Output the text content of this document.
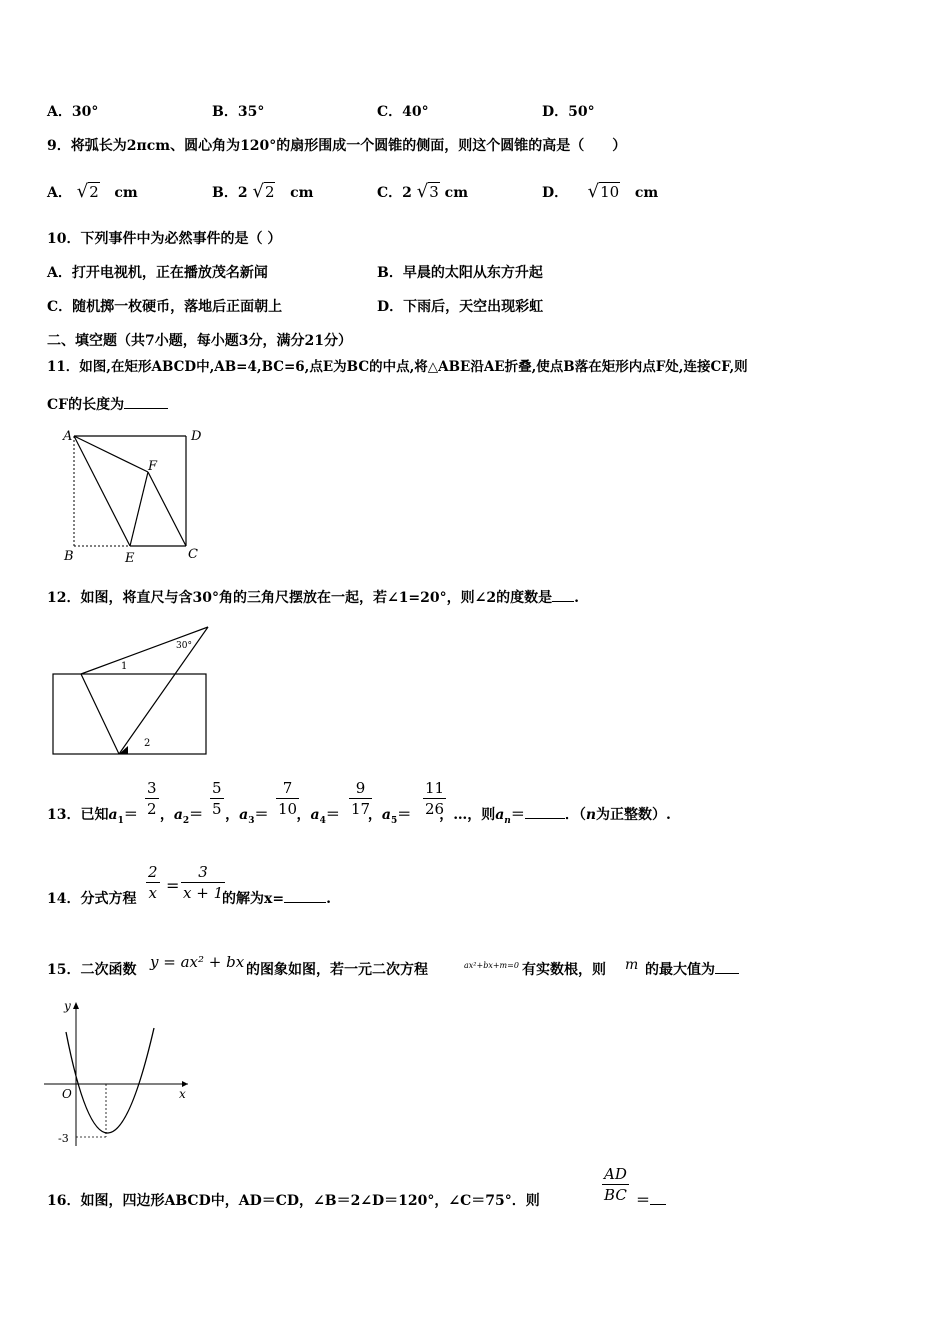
A．30°	B．35°	C．40°	D．50°
9．将弧长为2πcm、圆心角为120°的扇形围成一个圆锥的侧面，则这个圆锥的高是（　　）
A． √2 cm	B．2 √2 cm	C．2 √3 cm	D． √10 cm
10．下列事件中为必然事件的是（ ）
A．打开电视机，正在播放茂名新闻	B．早晨的太阳从东方升起
C．随机掷一枚硬币，落地后正面朝上	D．下雨后，天空出现彩虹
二、填空题（共7小题，每小题3分，满分21分）
11．如图,在矩形ABCD中,AB=4,BC=6,点E为BC的中点,将△ABE沿AE折叠,使点B落在矩形内点F处,连接CF,则
CF的长度为
A	D
F
B	E	C
12．如图，将直尺与含30°角的三角尺摆放在一起，若∠1=20°，则∠2的度数是 .
30°
1
2
13．已知$a_1=$ ，$a_2=$ ，$a_3=$ ，$a_4=$ ，$a_5=$ ，…，则$a_n=$	．（n为正整数）.
$\frac{3}{2}$	$\frac{5}{5}$	$\frac{7}{10}$	$\frac{9}{17}$	$\frac{11}{26}$
14．分式方程 $\frac{2}{x} = \frac{3}{x + 1}$
的解为x=	.
15．二次函数 y = ax² + bx 的图象如图，若一元二次方程	ax²+bx+m=0 有实数根，则 m 的最大值为
y
x
O
-3
16．如图，四边形ABCD中，AD＝CD，∠B＝2∠D＝120°，∠C＝75°．则	$\frac{AD}{BC}$ ＝
